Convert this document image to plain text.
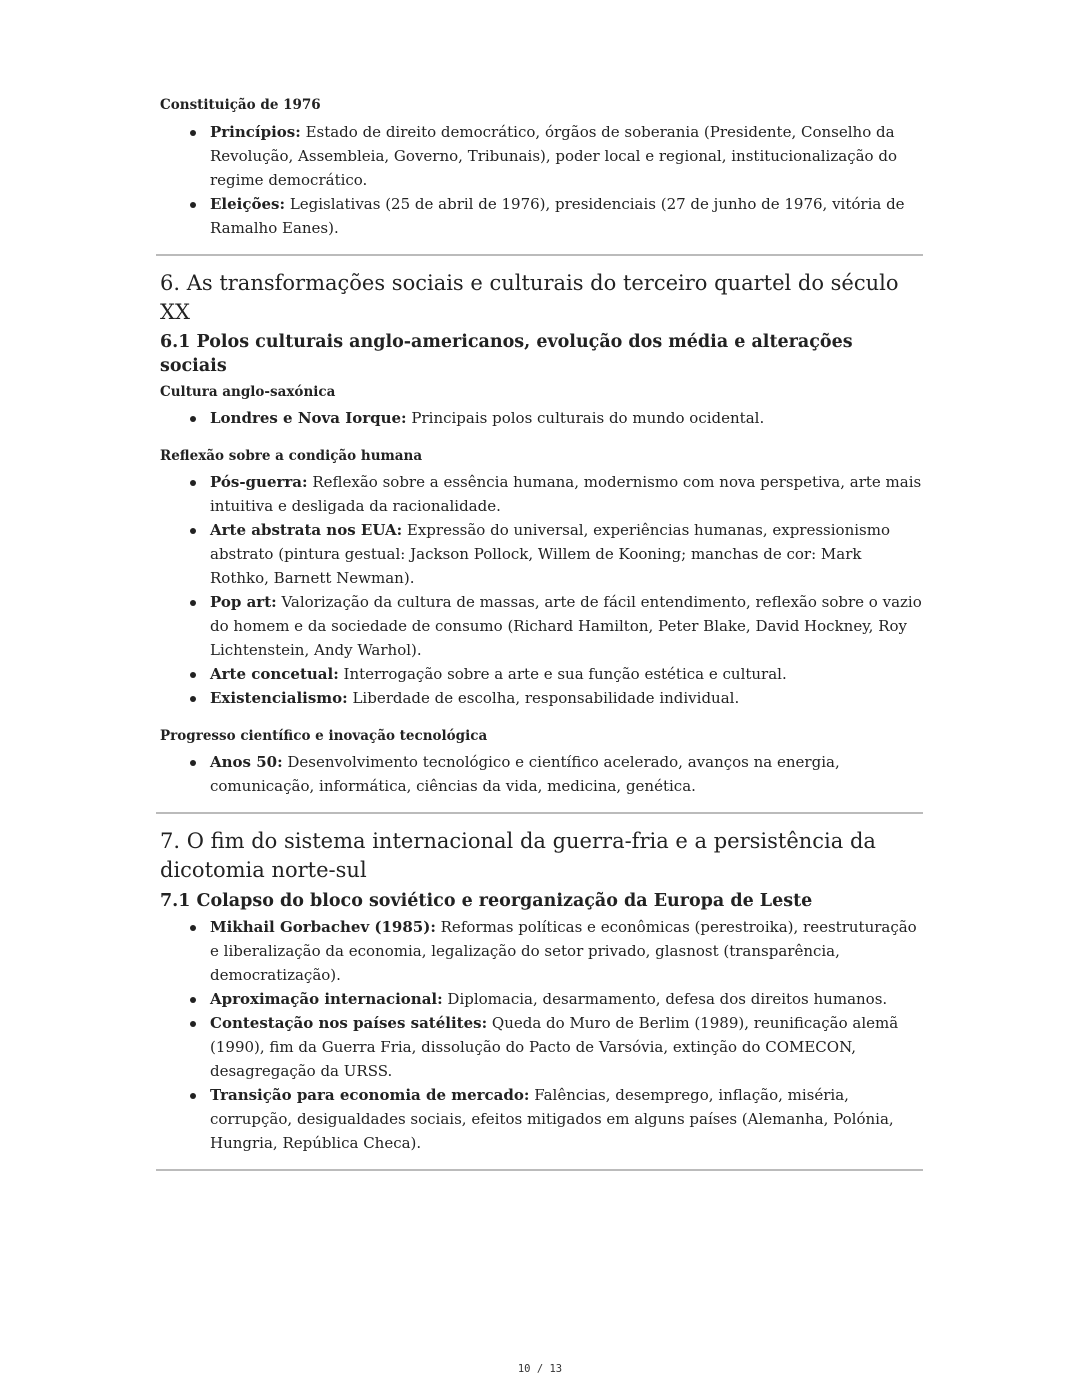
Constituição de 1976
Princípios: Estado de direito democrático, órgãos de soberania (Presidente, Conselho da Revolução, Assembleia, Governo, Tribunais), poder local e regional, institucionalização do regime democrático.
Eleições: Legislativas (25 de abril de 1976), presidenciais (27 de junho de 1976, vitória de Ramalho Eanes).
6. As transformações sociais e culturais do terceiro quartel do século XX
6.1 Polos culturais anglo-americanos, evolução dos média e alterações sociais
Cultura anglo-saxónica
Londres e Nova Iorque: Principais polos culturais do mundo ocidental.
Reflexão sobre a condição humana
Pós-guerra: Reflexão sobre a essência humana, modernismo com nova perspetiva, arte mais intuitiva e desligada da racionalidade.
Arte abstrata nos EUA: Expressão do universal, experiências humanas, expressionismo abstrato (pintura gestual: Jackson Pollock, Willem de Kooning; manchas de cor: Mark Rothko, Barnett Newman).
Pop art: Valorização da cultura de massas, arte de fácil entendimento, reflexão sobre o vazio do homem e da sociedade de consumo (Richard Hamilton, Peter Blake, David Hockney, Roy Lichtenstein, Andy Warhol).
Arte concetual: Interrogação sobre a arte e sua função estética e cultural.
Existencialismo: Liberdade de escolha, responsabilidade individual.
Progresso científico e inovação tecnológica
Anos 50: Desenvolvimento tecnológico e científico acelerado, avanços na energia, comunicação, informática, ciências da vida, medicina, genética.
7. O fim do sistema internacional da guerra-fria e a persistência da dicotomia norte-sul
7.1 Colapso do bloco soviético e reorganização da Europa de Leste
Mikhail Gorbachev (1985): Reformas políticas e econômicas (perestroika), reestruturação e liberalização da economia, legalização do setor privado, glasnost (transparência, democratização).
Aproximação internacional: Diplomacia, desarmamento, defesa dos direitos humanos.
Contestação nos países satélites: Queda do Muro de Berlim (1989), reunificação alemã (1990), fim da Guerra Fria, dissolução do Pacto de Varsóvia, extinção do COMECON, desagregação da URSS.
Transição para economia de mercado: Falências, desemprego, inflação, miséria, corrupção, desigualdades sociais, efeitos mitigados em alguns países (Alemanha, Polónia, Hungria, República Checa).
10 / 13
